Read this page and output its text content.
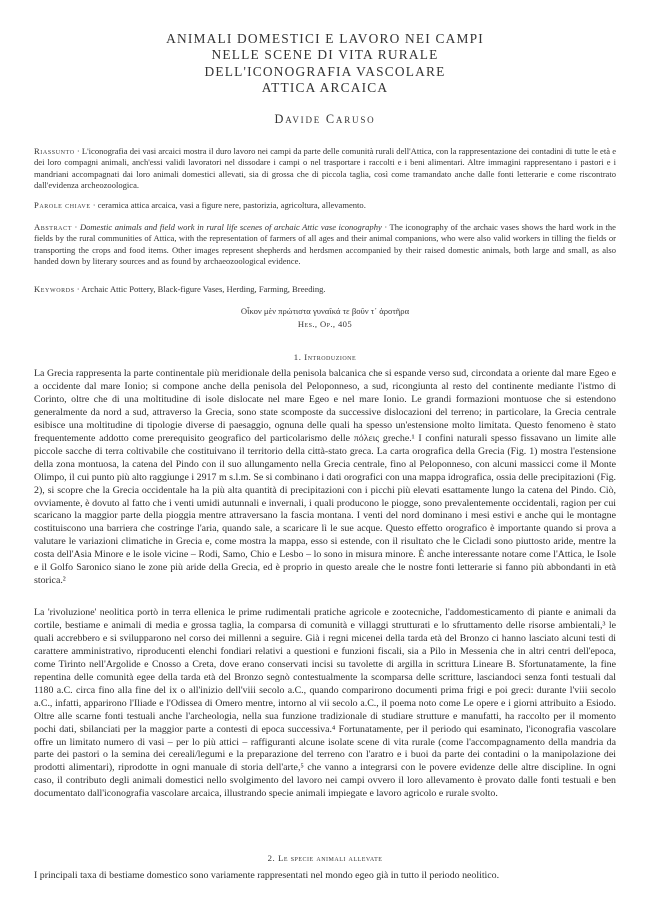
ANIMALI DOMESTICI E LAVORO NEI CAMPI
NELLE SCENE DI VITA RURALE
DELL'ICONOGRAFIA VASCOLARE
ATTICA ARCAICA
Davide Caruso
Riassunto · L'iconografia dei vasi arcaici mostra il duro lavoro nei campi da parte delle comunità rurali dell'Attica, con la rappresentazione dei contadini di tutte le età e dei loro compagni animali, anch'essi validi lavoratori nel dissodare i campi o nel trasportare i raccolti e i beni alimentari. Altre immagini rappresentano i pastori e i mandriani accompagnati dai loro animali domestici allevati, sia di grossa che di piccola taglia, così come tramandato anche dalle fonti letterarie e come riscontrato dall'evidenza archeozoologica.
Parole chiave · ceramica attica arcaica, vasi a figure nere, pastorizia, agricoltura, allevamento.
Abstract · Domestic animals and field work in rural life scenes of archaic Attic vase iconography · The iconography of the archaic vases shows the hard work in the fields by the rural communities of Attica, with the representation of farmers of all ages and their animal companions, who were also valid workers in tilling the fields or transporting the crops and food items. Other images represent shepherds and herdsmen accompanied by their raised domestic animals, both large and small, as also handed down by literary sources and as found by archaeozoological evidence.
Keywords · Archaic Attic Pottery, Black-figure Vases, Herding, Farming, Breeding.
Οἶκον μὲν πρώτιστα γυναῖκά τε βοῦν τ᾽ ἀροτῆρα
Hes., Op., 405
1. Introduzione
La Grecia rappresenta la parte continentale più meridionale della penisola balcanica che si espande verso sud, circondata a oriente dal mare Egeo e a occidente dal mare Ionio; si compone anche della penisola del Peloponneso, a sud, ricongiunta al resto del continente mediante l'istmo di Corinto, oltre che di una moltitudine di isole dislocate nel mare Egeo e nel mare Ionio. Le grandi formazioni montuose che si estendono generalmente da nord a sud, attraverso la Grecia, sono state scomposte da successive dislocazioni del terreno; in particolare, la Grecia centrale esibisce una moltitudine di tipologie diverse di paesaggio, ognuna delle quali ha spesso un'estensione molto limitata. Questo fenomeno è stato frequentemente addotto come prerequisito geografico del particolarismo delle πόλεις greche.¹ I confini naturali spesso fissavano un limite alle piccole sacche di terra coltivabile che costituivano il territorio della città-stato greca. La carta orografica della Grecia (Fig. 1) mostra l'estensione della zona montuosa, la catena del Pindo con il suo allungamento nella Grecia centrale, fino al Peloponneso, con alcuni massicci come il Monte Olimpo, il cui punto più alto raggiunge i 2917 m s.l.m. Se si combinano i dati orografici con una mappa idrografica, ossia delle precipitazioni (Fig. 2), si scopre che la Grecia occidentale ha la più alta quantità di precipitazioni con i picchi più elevati esattamente lungo la catena del Pindo. Ciò, ovviamente, è dovuto al fatto che i venti umidi autunnali e invernali, i quali producono le piogge, sono prevalentemente occidentali, ragion per cui scaricano la maggior parte della pioggia mentre attraversano la fascia montana. I venti del nord dominano i mesi estivi e anche qui le montagne costituiscono una barriera che costringe l'aria, quando sale, a scaricare lì le sue acque. Questo effetto orografico è importante quando si prova a valutare le variazioni climatiche in Grecia e, come mostra la mappa, esso si estende, con il risultato che le Cicladi sono piuttosto aride, mentre la costa dell'Asia Minore e le isole vicine – Rodi, Samo, Chio e Lesbo – lo sono in misura minore. È anche interessante notare come l'Attica, le Isole e il Golfo Saronico siano le zone più aride della Grecia, ed è proprio in questo areale che le nostre fonti letterarie si fanno più abbondanti in età storica.²
La 'rivoluzione' neolitica portò in terra ellenica le prime rudimentali pratiche agricole e zootecniche, l'addomesticamento di piante e animali da cortile, bestiame e animali di media e grossa taglia, la comparsa di comunità e villaggi strutturati e lo sfruttamento delle risorse ambientali,³ le quali accrebbero e si svilupparono nel corso dei millenni a seguire. Già i regni micenei della tarda età del Bronzo ci hanno lasciato alcuni testi di carattere amministrativo, riproducenti elenchi fondiari relativi a questioni e funzioni fiscali, sia a Pilo in Messenia che in altri centri dell'epoca, come Tirinto nell'Argolide e Cnosso a Creta, dove erano conservati incisi su tavolette di argilla in scrittura Lineare B. Sfortunatamente, la fine repentina delle comunità egee della tarda età del Bronzo segnò contestualmente la scomparsa delle scritture, lasciandoci senza fonti testuali dal 1180 a.C. circa fino alla fine del ix o all'inizio dell'viii secolo a.C., quando comparirono documenti prima frigi e poi greci: durante l'viii secolo a.C., infatti, apparirono l'Iliade e l'Odissea di Omero mentre, intorno al vii secolo a.C., il poema noto come Le opere e i giorni attribuito a Esiodo. Oltre alle scarne fonti testuali anche l'archeologia, nella sua funzione tradizionale di studiare strutture e manufatti, ha raccolto per il momento pochi dati, sbilanciati per la maggior parte a contesti di epoca successiva.⁴ Fortunatamente, per il periodo qui esaminato, l'iconografia vascolare offre un limitato numero di vasi – per lo più attici – raffiguranti alcune isolate scene di vita rurale (come l'accompagnamento della mandria da parte dei pastori o la semina dei cereali/legumi e la preparazione del terreno con l'aratro e i buoi da parte dei contadini o la manipolazione dei prodotti alimentari), riprodotte in ogni manuale di storia dell'arte,⁵ che vanno a integrarsi con le povere evidenze delle altre discipline. In ogni caso, il contributo degli animali domestici nello svolgimento del lavoro nei campi ovvero il loro allevamento è provato dalle fonti testuali e ben documentato dall'iconografia vascolare arcaica, illustrando specie animali impiegate e lavoro agricolo e rurale svolto.
2. Le specie animali allevate
I principali taxa di bestiame domestico sono variamente rappresentati nel mondo egeo già in tutto il periodo neolitico.
